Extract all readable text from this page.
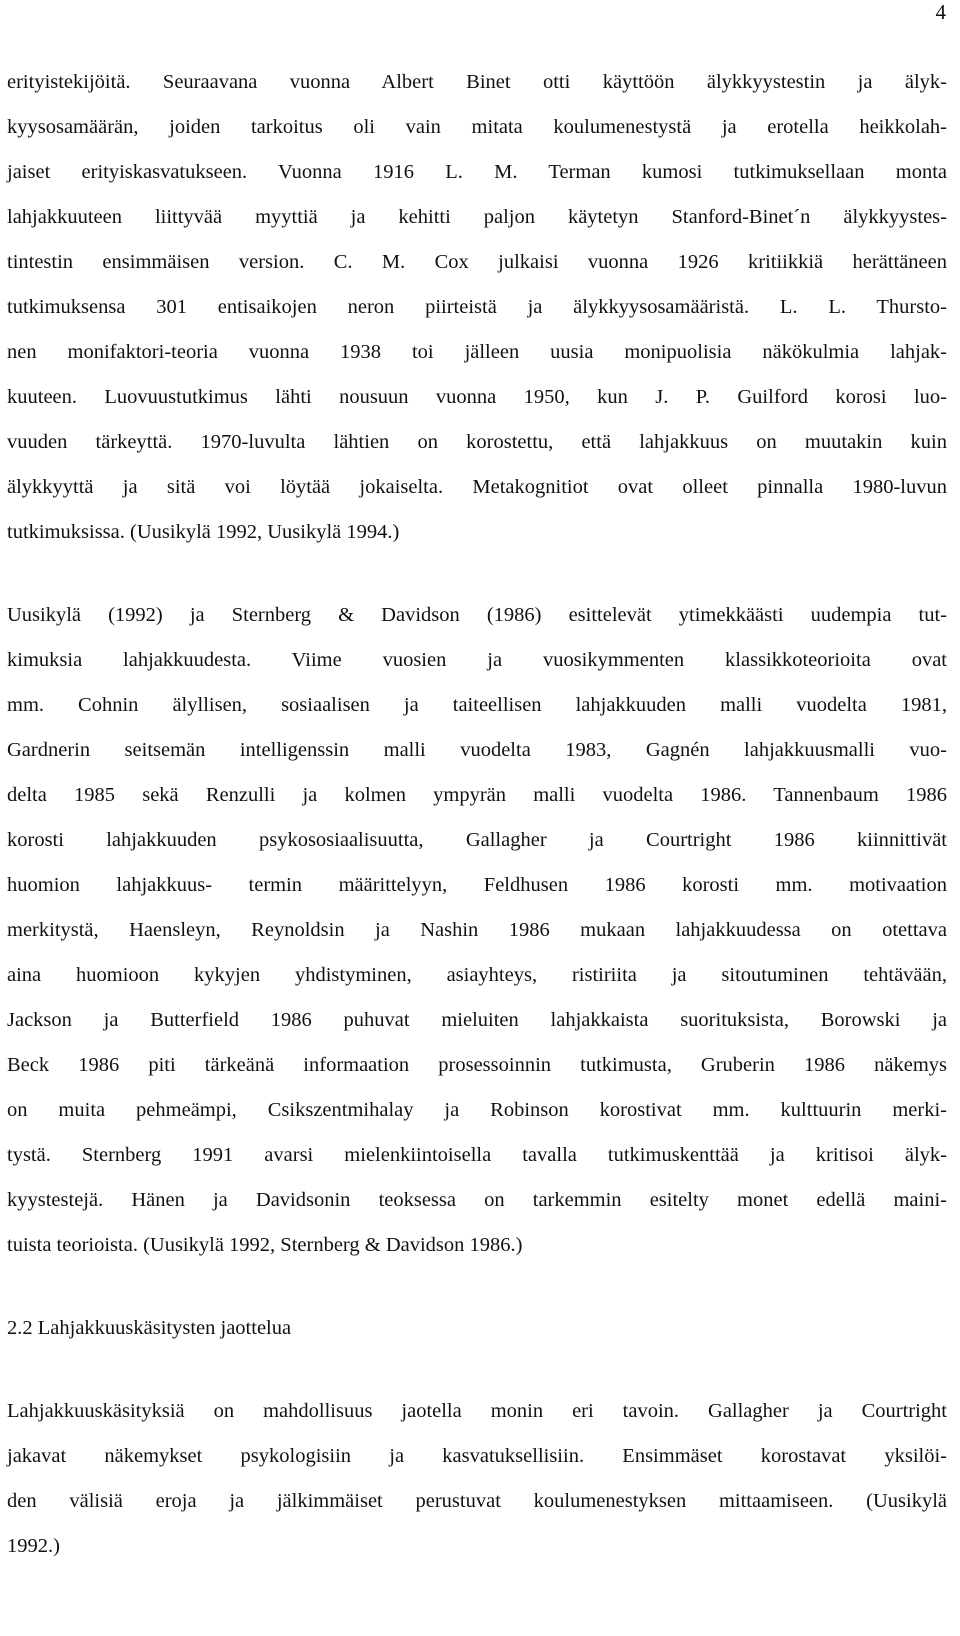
4

erityistekijöitä. Seuraavana vuonna Albert Binet otti käyttöön älykkyystestin ja älyk-
kyysosamäärän, joiden tarkoitus oli vain mitata koulumenestystä ja erotella heikkolah-
jaiset erityiskasvatukseen. Vuonna 1916 L. M. Terman kumosi tutkimuksellaan monta
lahjakkuuteen liittyvää myyttiä ja kehitti paljon käytetyn Stanford-Binet´n älykkyystes-
tintestin ensimmäisen version. C. M. Cox julkaisi vuonna 1926 kritiikkiä herättäneen
tutkimuksensa 301 entisaikojen neron piirteistä ja älykkyysosamääristä. L. L. Thursto-
nen monifaktori-teoria vuonna 1938 toi jälleen uusia monipuolisia näkökulmia lahjak-
kuuteen. Luovuustutkimus lähti nousuun vuonna 1950, kun J. P. Guilford korosi luo-
vuuden tärkeyttä. 1970-luvulta lähtien on korostettu, että lahjakkuus on muutakin kuin
älykkyyttä ja sitä voi löytää jokaiselta. Metakognitiot ovat olleet pinnalla 1980-luvun
tutkimuksissa. (Uusikylä 1992, Uusikylä 1994.)

Uusikylä (1992) ja Sternberg & Davidson (1986) esittelevät ytimekkäästi uudempia tut-
kimuksia lahjakkuudesta. Viime vuosien ja vuosikymmenten klassikkoteorioita ovat
mm. Cohnin älyllisen, sosiaalisen ja taiteellisen lahjakkuuden malli vuodelta 1981,
Gardnerin seitsemän intelligenssin malli vuodelta 1983, Gagnén lahjakkuusmalli vuo-
delta 1985 sekä Renzulli ja kolmen ympyrän malli vuodelta 1986. Tannenbaum 1986
korosti lahjakkuuden psykososiaalisuutta, Gallagher ja Courtright 1986 kiinnittivät
huomion lahjakkuus- termin määrittelyyn, Feldhusen 1986 korosti mm. motivaation
merkitystä, Haensleyn, Reynoldsin ja Nashin 1986 mukaan lahjakkuudessa on otettava
aina huomioon kykyjen yhdistyminen, asiayhteys, ristiriita ja sitoutuminen tehtävään,
Jackson ja Butterfield 1986 puhuvat mieluiten lahjakkaista suorituksista, Borowski ja
Beck 1986 piti tärkeänä informaation prosessoinnin tutkimusta, Gruberin 1986 näkemys
on muita pehmeämpi, Csikszentmihalay ja Robinson korostivat mm. kulttuurin merki-
tystä. Sternberg 1991 avarsi mielenkiintoisella tavalla tutkimuskenttää ja kritisoi älyk-
kyystestejä. Hänen ja Davidsonin teoksessa on tarkemmin esitelty monet edellä maini-
tuista teorioista. (Uusikylä 1992, Sternberg & Davidson 1986.)

2.2 Lahjakkuuskäsitysten jaottelua

Lahjakkuuskäsityksiä on mahdollisuus jaotella monin eri tavoin. Gallagher ja Courtright
jakavat näkemykset psykologisiin ja kasvatuksellisiin. Ensimmäset korostavat yksilöi-
den välisiä eroja ja jälkimmäiset perustuvat koulumenestyksen mittaamiseen. (Uusikylä
1992.)
